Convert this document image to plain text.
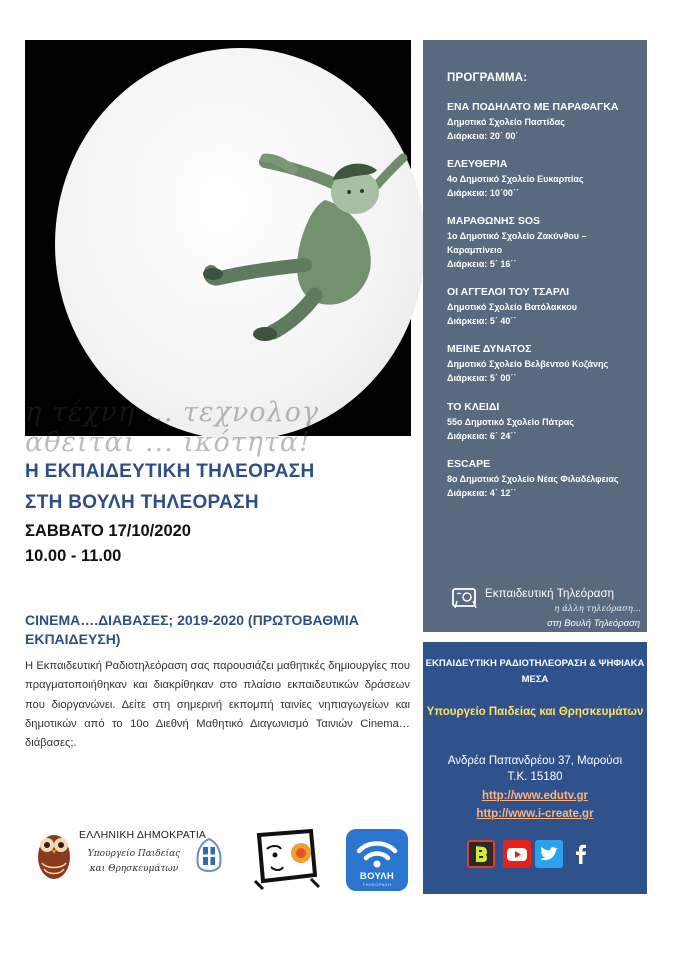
η τέχνη ... τεχνολογ
αθειται ... ικότητα!
Η ΕΚΠΑΙΔΕΥΤΙΚΗ ΤΗΛΕΟΡΑΣΗ
ΣΤΗ ΒΟΥΛΗ ΤΗΛΕΟΡΑΣΗ
ΣΑΒΒΑΤΟ 17/10/2020
10.00 - 11.00
CINEMA….ΔΙΑΒΑΣΕΣ; 2019-2020 (ΠΡΩΤΟΒΑΘΜΙΑ ΕΚΠΑΙΔΕΥΣΗ)
Η Εκπαιδευτική Ραδιοτηλεόραση σας παρουσιάζει μαθητικές δημιουργίες που πραγματοποιήθηκαν και διακρίθηκαν στο πλαίσιο εκπαιδευτικών δράσεων που διοργανώνει. Δείτε στη σημερινή εκπομπή ταινίες νηπιαγωγείων και δημοτικών από το 10ο Διεθνή Μαθητικό Διαγωνισμό Ταινιών Cinema… διάβασες;.
ΕΛΛΗΝΙΚΗ ΔΗΜΟΚΡΑΤΙΑ
Υπουργείο Παιδείας και Θρησκευμάτων
ΒΟΥΛΗ
ΤΗΛΕΟΡΑΣΗ
ΠΡΟΓΡΑΜΜΑ:
ΕΝΑ ΠΟΔΗΛΑΤΟ ΜΕ ΠΑΡΑΦΑΓΚΑ
Δημοτικό Σχολείο Παστίδας
Διάρκεια: 20΄ 00΄
ΕΛΕΥΘΕΡΙΑ
4ο Δημοτικό Σχολείο Ευκαρπίας
Διάρκεια: 10΄00΄΄
ΜΑΡΑΘΩΝΗΣ SOS
1ο Δημοτικό Σχολείο Ζακύνθου – Καραμπίνειο
Διάρκεια: 5΄ 16΄΄
ΟΙ ΑΓΓΕΛΟΙ ΤΟΥ ΤΣΑΡΛΙ
Δημοτικό Σχολείο Βατόλακκου
Διάρκεια: 5΄ 40΄΄
ΜΕΙΝΕ ΔΥΝΑΤΟΣ
Δημοτικό Σχολείο Βελβεντού Κοζάνης
Διάρκεια: 5΄ 00΄΄
ΤΟ ΚΛΕΙΔΙ
55ο Δημοτικό Σχολείο Πάτρας
Διάρκεια: 6΄ 24΄΄
ESCAPE
8ο Δημοτικό Σχολείο Νέας Φιλαδέλφειας
Διάρκεια: 4΄ 12΄΄
Εκπαιδευτική Τηλεόραση
η άλλη τηλεόραση...
στη Βουλή Τηλεόραση
ΕΚΠΑΙΔΕΥΤΙΚΗ ΡΑΔΙΟΤΗΛΕΟΡΑΣΗ & ΨΗΦΙΑΚΑ ΜΕΣΑ
Υπουργείο Παιδείας και Θρησκευμάτων
Ανδρέα Παπανδρέου 37, Μαρούσι
Τ.Κ. 15180
http://www.edutv.gr
http://www.i-create.gr
